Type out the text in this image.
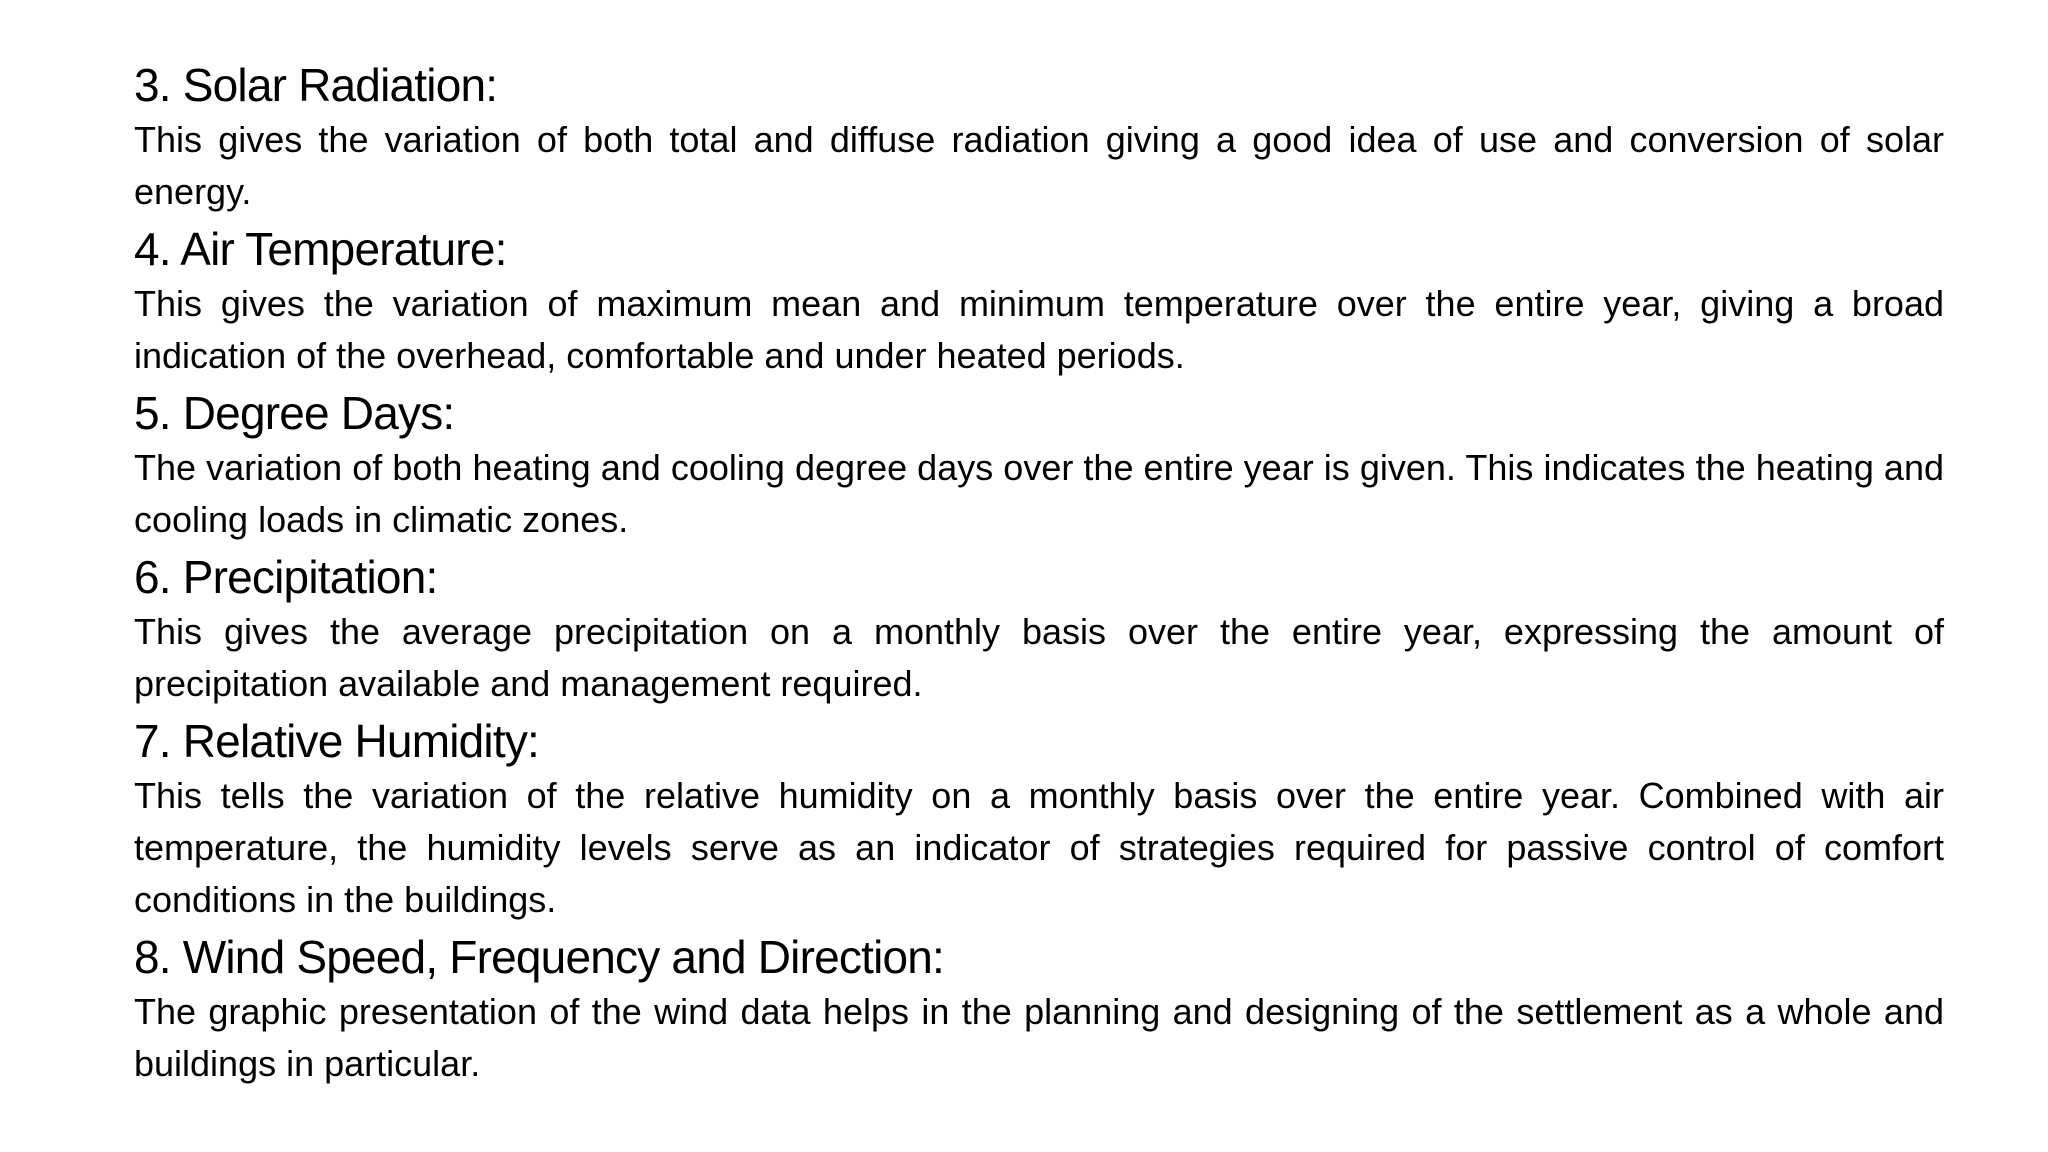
3. Solar Radiation:

This gives the variation of both total and diffuse radiation giving a good idea of use and conversion of solar energy.

4. Air Temperature:

This gives the variation of maximum mean and minimum temperature over the entire year, giving a broad indication of the overhead, comfortable and under heated periods.

5. Degree Days:

The variation of both heating and cooling degree days over the entire year is given. This indicates the heating and cooling loads in climatic zones.

6. Precipitation:

This gives the average precipitation on a monthly basis over the entire year, expressing the amount of precipitation available and management required.

7. Relative Humidity:

This tells the variation of the relative humidity on a monthly basis over the entire year. Combined with air temperature, the humidity levels serve as an indicator of strategies required for passive control of comfort conditions in the buildings.

8. Wind Speed, Frequency and Direction:

The graphic presentation of the wind data helps in the planning and designing of the settlement as a whole and buildings in particular.
